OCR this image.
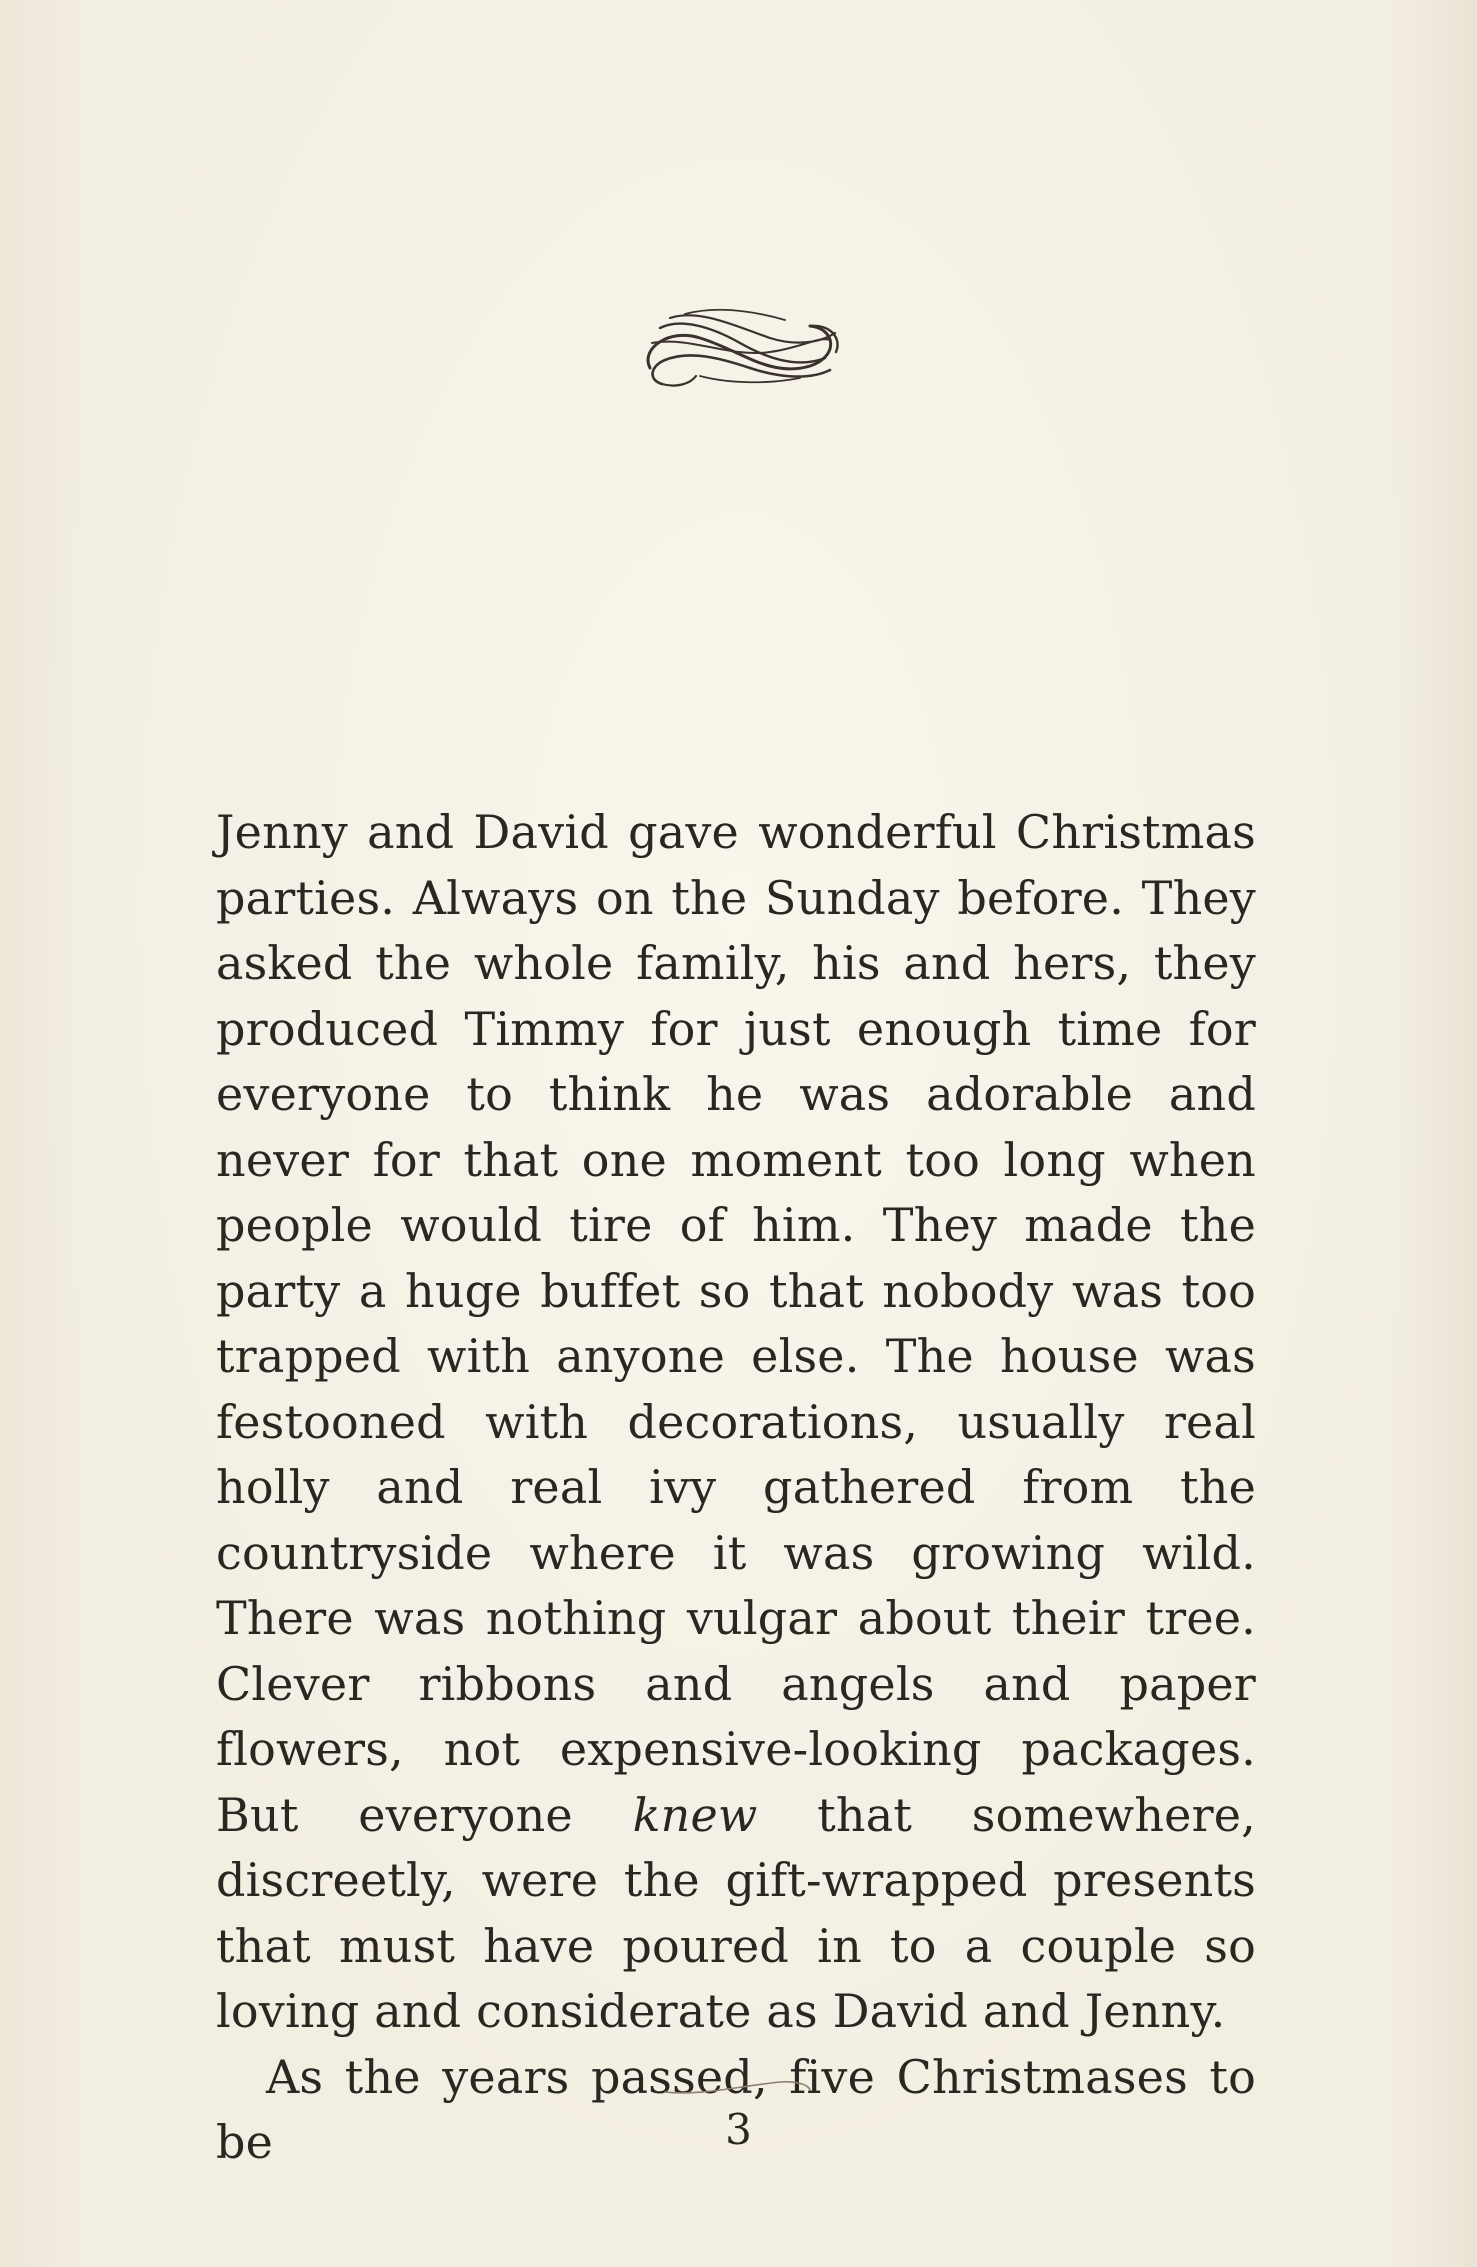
Jenny and David gave wonderful Christmas parties. Always on the Sunday before. They asked the whole family, his and hers, they produced Timmy for just enough time for everyone to think he was adorable and never for that one moment too long when people would tire of him. They made the party a huge buffet so that nobody was too trapped with anyone else. The house was festooned with decorations, usually real holly and real ivy gathered from the countryside where it was growing wild. There was nothing vulgar about their tree. Clever ribbons and angels and paper flowers, not expensive-looking packages. But everyone knew that somewhere, discreetly, were the gift-wrapped presents that must have poured in to a couple so loving and considerate as David and Jenny.

As the years passed, five Christmases to be	3
